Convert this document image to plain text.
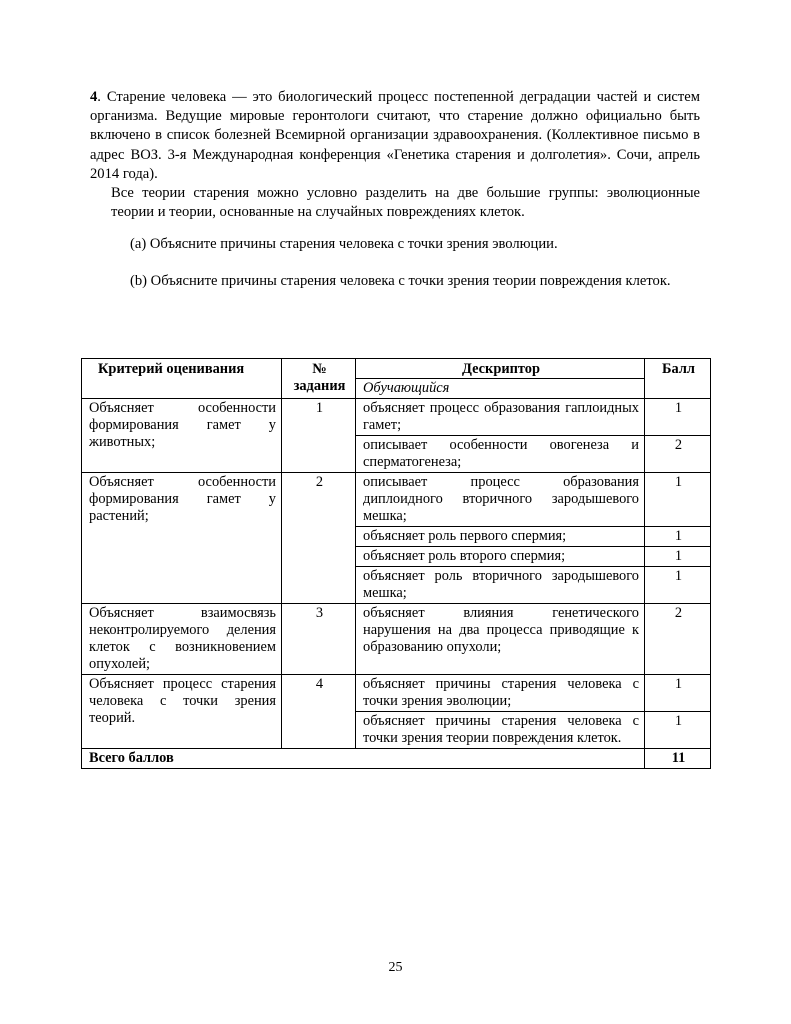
4. Старение человека — это биологический процесс постепенной деградации частей и систем организма. Ведущие мировые геронтологи считают, что старение должно официально быть включено в список болезней Всемирной организации здравоохранения. (Коллективное письмо в адрес ВОЗ. 3-я Международная конференция «Генетика старения и долголетия». Сочи, апрель 2014 года).

Все теории старения можно условно разделить на две большие группы: эволюционные теории и теории, основанные на случайных повреждениях клеток.

(a) Объясните причины старения человека с точки зрения эволюции.
(b) Объясните причины старения человека с точки зрения теории повреждения клеток.
Критерий оценивания	№ задания	Дескриптор	Балл
		Обучающийся	
Объясняет особенности формирования гамет у животных;	1	объясняет процесс образования гаплоидных гамет;	1
		описывает особенности овогенеза и сперматогенеза;	2
Объясняет особенности формирования гамет у растений;	2	описывает процесс образования диплоидного вторичного зародышевого мешка;	1
		объясняет роль первого спермия;	1
		объясняет роль второго спермия;	1
		объясняет роль вторичного зародышевого мешка;	1
Объясняет взаимосвязь неконтролируемого деления клеток с возникновением опухолей;	3	объясняет влияния генетического нарушения на два процесса приводящие к образованию опухоли;	2
Объясняет процесс старения человека с точки зрения теорий.	4	объясняет причины старения человека с точки зрения эволюции;	1
		объясняет причины старения человека с точки зрения теории повреждения клеток.	1
Всего баллов			11
25
